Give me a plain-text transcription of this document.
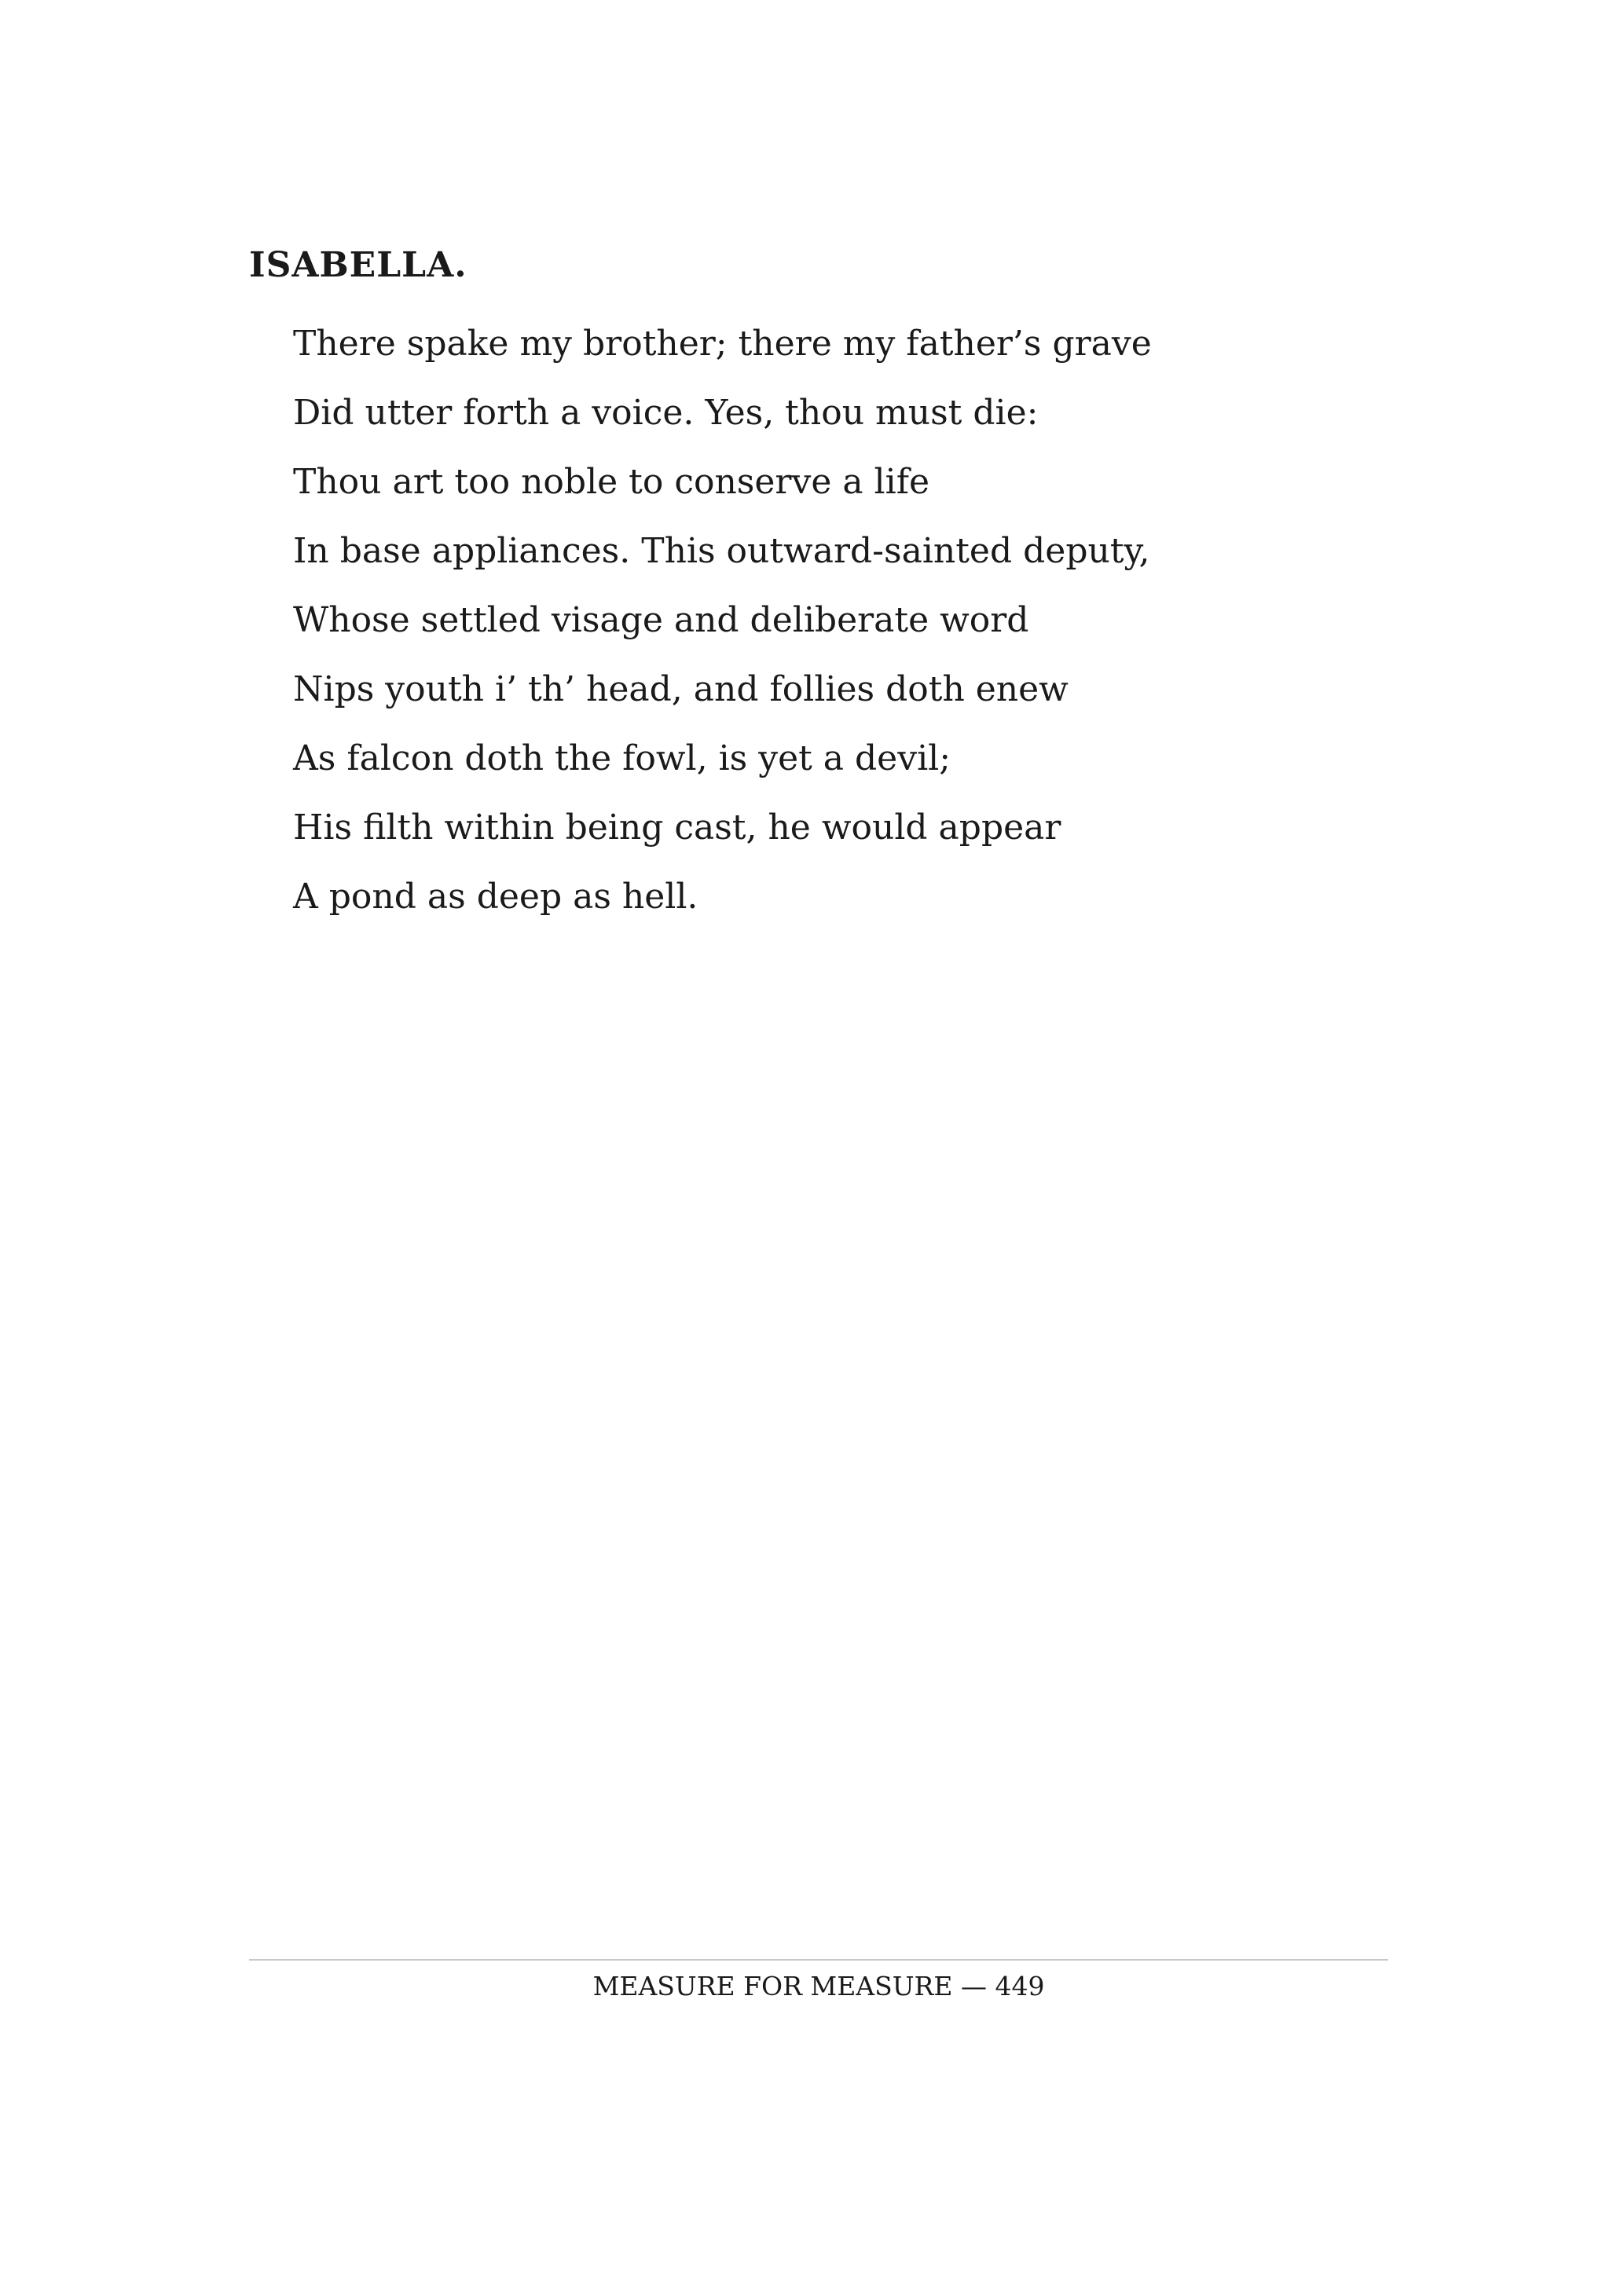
ISABELLA.
There spake my brother; there my father’s grave
Did utter forth a voice. Yes, thou must die:
Thou art too noble to conserve a life
In base appliances. This outward-sainted deputy,
Whose settled visage and deliberate word
Nips youth i’ th’ head, and follies doth enew
As falcon doth the fowl, is yet a devil;
His filth within being cast, he would appear
A pond as deep as hell.
MEASURE FOR MEASURE — 449
